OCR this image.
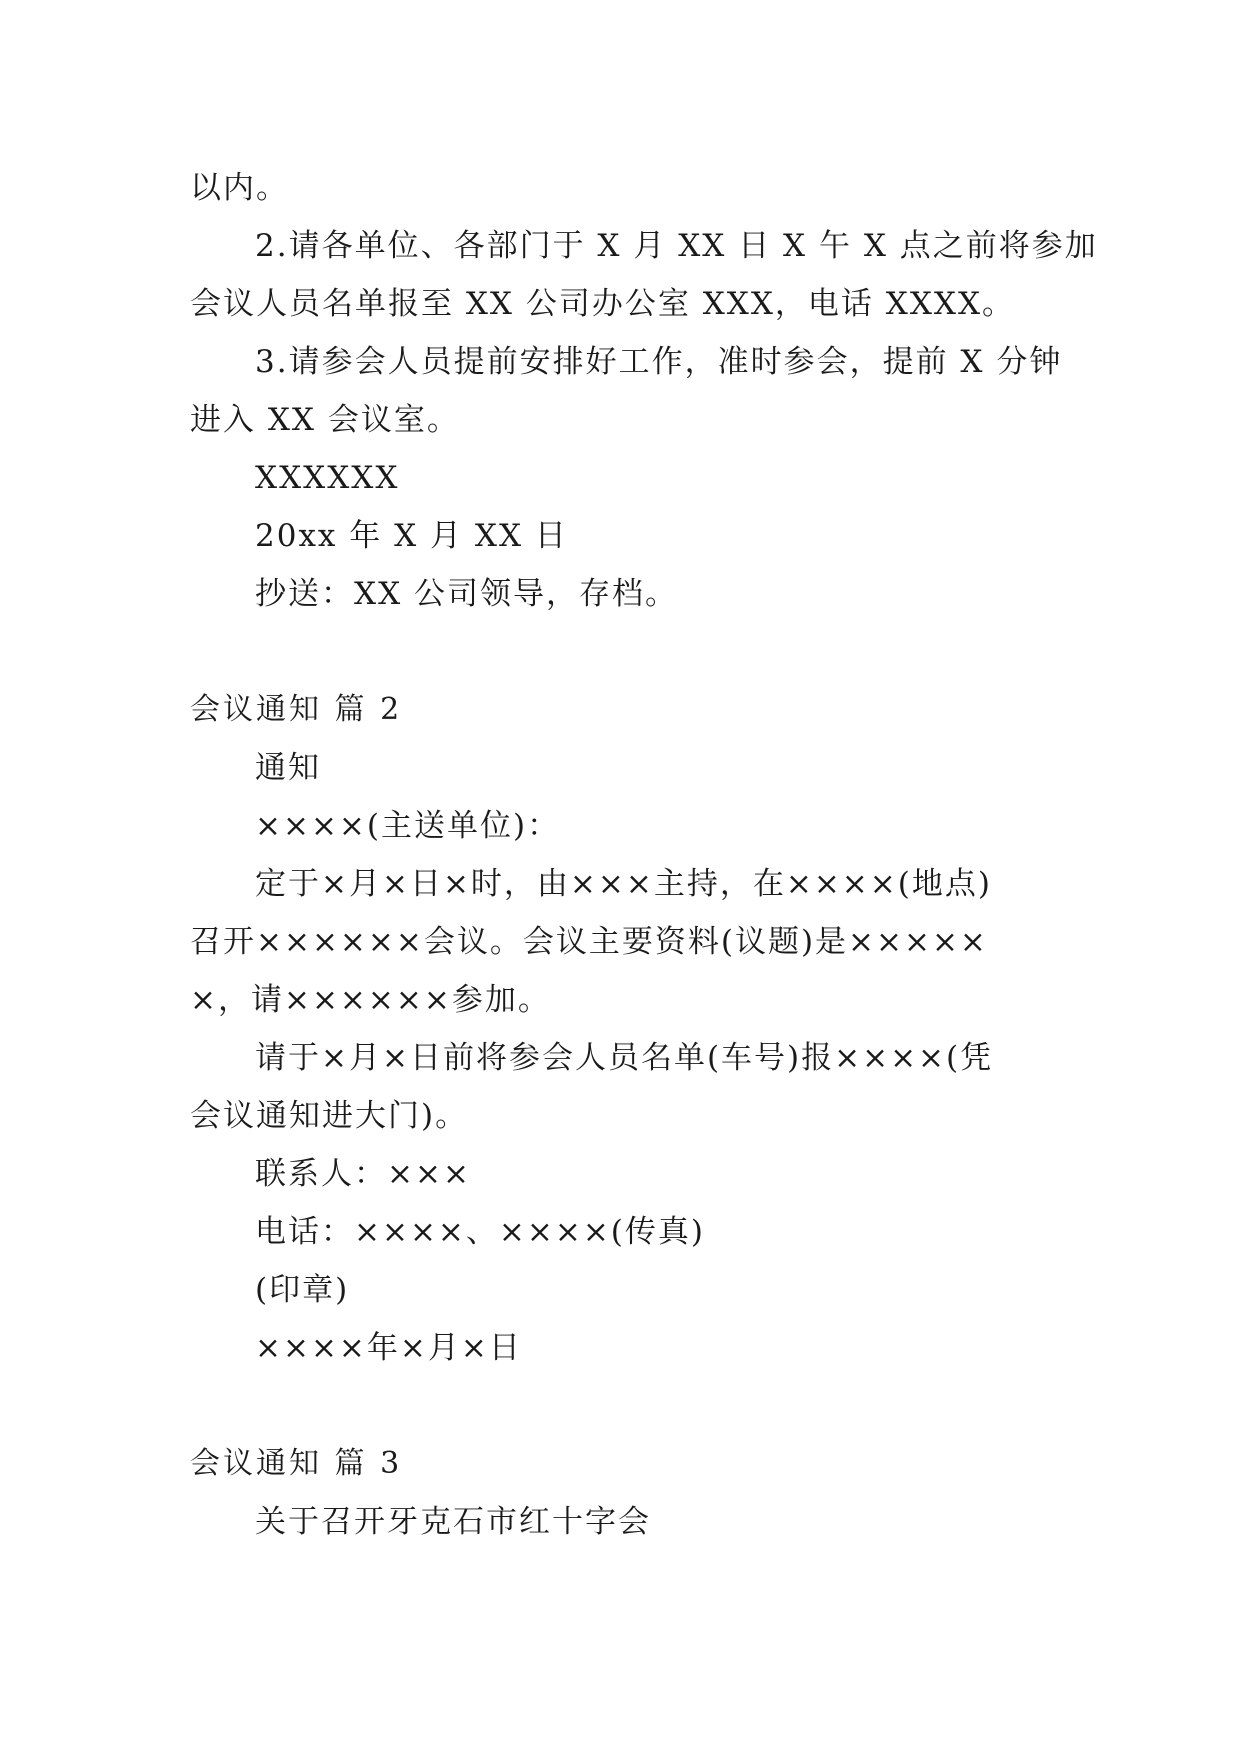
以内。
2.请各单位、各部门于 X 月 XX 日 X 午 X 点之前将参加
会议人员名单报至 XX 公司办公室 XXX，电话 XXXX。
3.请参会人员提前安排好工作，准时参会，提前 X 分钟
进入 XX 会议室。
XXXXXX
20xx 年 X 月 XX 日
抄送：XX 公司领导，存档。
会议通知 篇 2
通知
××××(主送单位)：
定于×月×日×时，由×××主持，在××××(地点)
召开××××××会议。会议主要资料(议题)是×××××
×，请××××××参加。
请于×月×日前将参会人员名单(车号)报××××(凭
会议通知进大门)。
联系人：×××
电话：××××、××××(传真)
(印章)
××××年×月×日
会议通知 篇 3
关于召开牙克石市红十字会
